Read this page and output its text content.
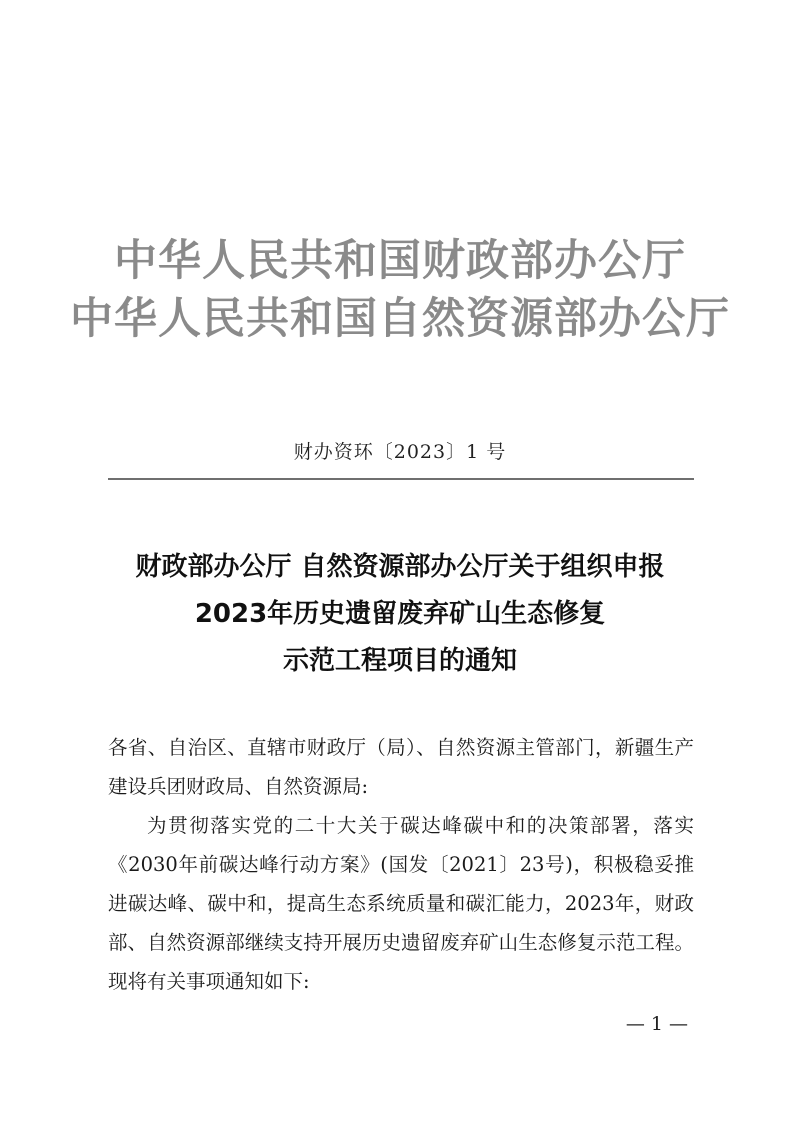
中华人民共和国财政部办公厅
中华人民共和国自然资源部办公厅
财办资环〔2023〕1 号
财政部办公厅 自然资源部办公厅关于组织申报
2023年历史遗留废弃矿山生态修复
示范工程项目的通知

各省、自治区、直辖市财政厅（局）、自然资源主管部门，新疆生产建设兵团财政局、自然资源局:

为贯彻落实党的二十大关于碳达峰碳中和的决策部署，落实《2030年前碳达峰行动方案》(国发〔2021〕23号)，积极稳妥推进碳达峰、碳中和，提高生态系统质量和碳汇能力，2023年，财政部、自然资源部继续支持开展历史遗留废弃矿山生态修复示范工程。现将有关事项通知如下:

— 1 —
